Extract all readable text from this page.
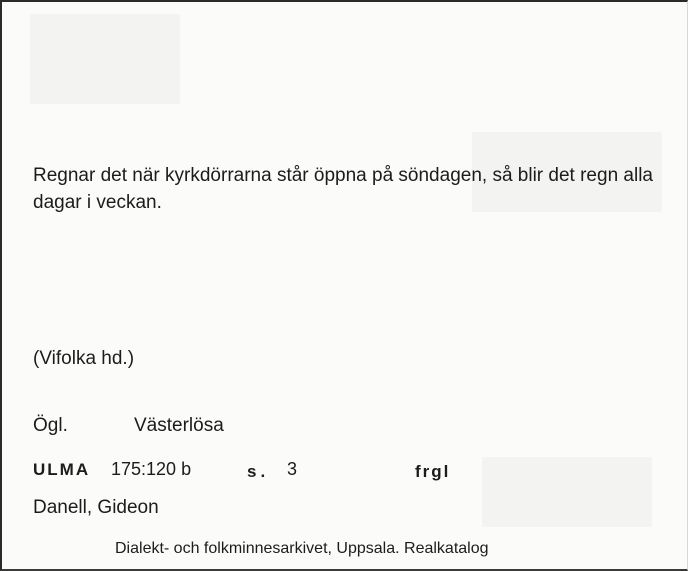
Regnar det när kyrkdörrarna står öppna på söndagen, så blir det regn alla dagar i veckan.
(Vifolka hd.)
Ögl.	Västerlösa
ULMA 175:120 b	s. 3	frgl
Danell, Gideon
Dialekt- och folkminnesarkivet, Uppsala. Realkatalog
